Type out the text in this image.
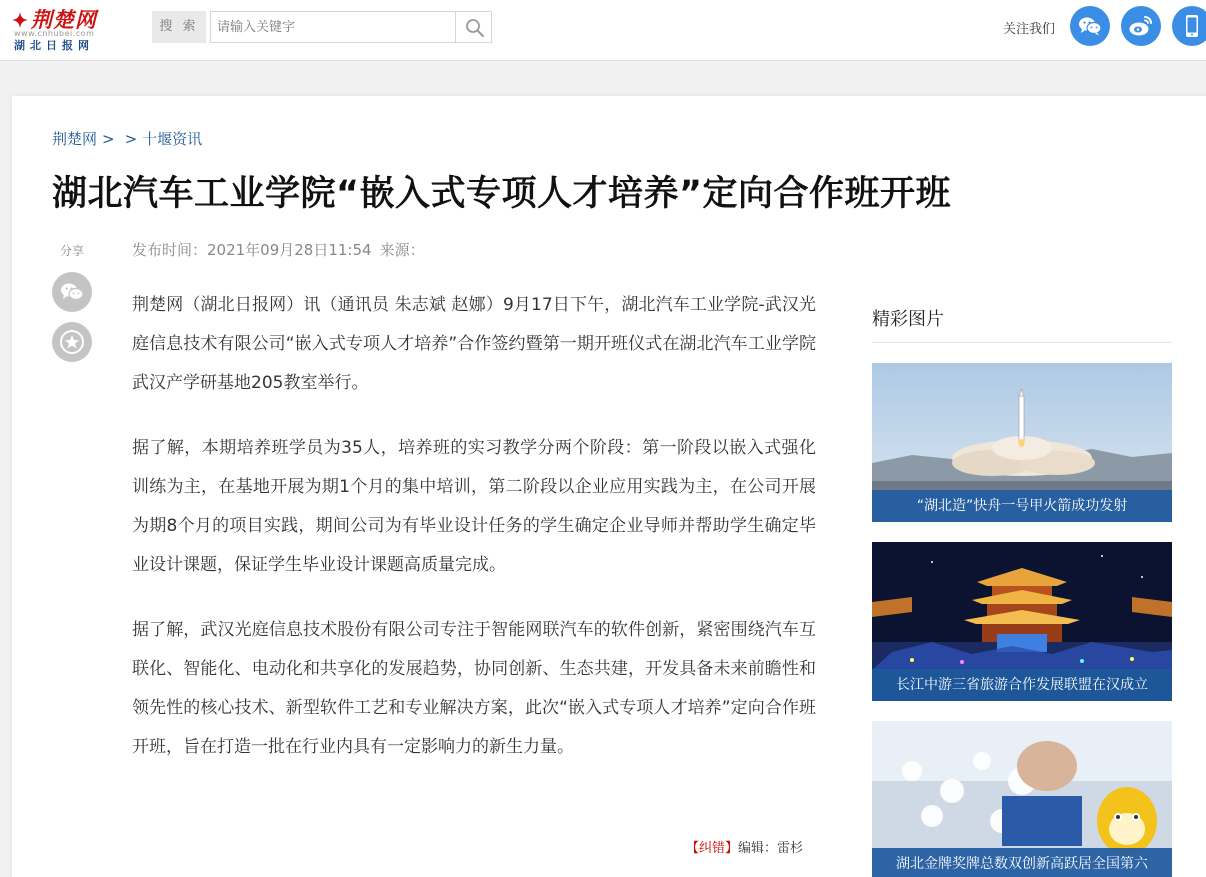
✦荆楚网
www.cnhubei.com
湖北日报网
搜 索
请输入关键字	关注我们
荆楚网 > > 十堰资讯
湖北汽车工业学院“嵌入式专项人才培养”定向合作班开班
分享	发布时间：2021年09月28日11:54 来源：

荆楚网（湖北日报网）讯（通讯员 朱志斌 赵娜）9月17日下午，湖北汽车工业学院-武汉光庭信息技术有限公司“嵌入式专项人才培养”合作签约暨第一期开班仪式在湖北汽车工业学院武汉产学研基地205教室举行。

据了解，本期培养班学员为35人，培养班的实习教学分两个阶段：第一阶段以嵌入式强化训练为主，在基地开展为期1个月的集中培训，第二阶段以企业应用实践为主，在公司开展为期8个月的项目实践，期间公司为有毕业设计任务的学生确定企业导师并帮助学生确定毕业设计课题，保证学生毕业设计课题高质量完成。

据了解，武汉光庭信息技术股份有限公司专注于智能网联汽车的软件创新，紧密围绕汽车互联化、智能化、电动化和共享化的发展趋势，协同创新、生态共建，开发具备未来前瞻性和领先性的核心技术、新型软件工艺和专业解决方案，此次“嵌入式专项人才培养”定向合作班开班，旨在打造一批在行业内具有一定影响力的新生力量。

【纠错】编辑：雷杉
精彩图片
“湖北造”快舟一号甲火箭成功发射
长江中游三省旅游合作发展联盟在汉成立
湖北金牌奖牌总数双创新高跃居全国第六
